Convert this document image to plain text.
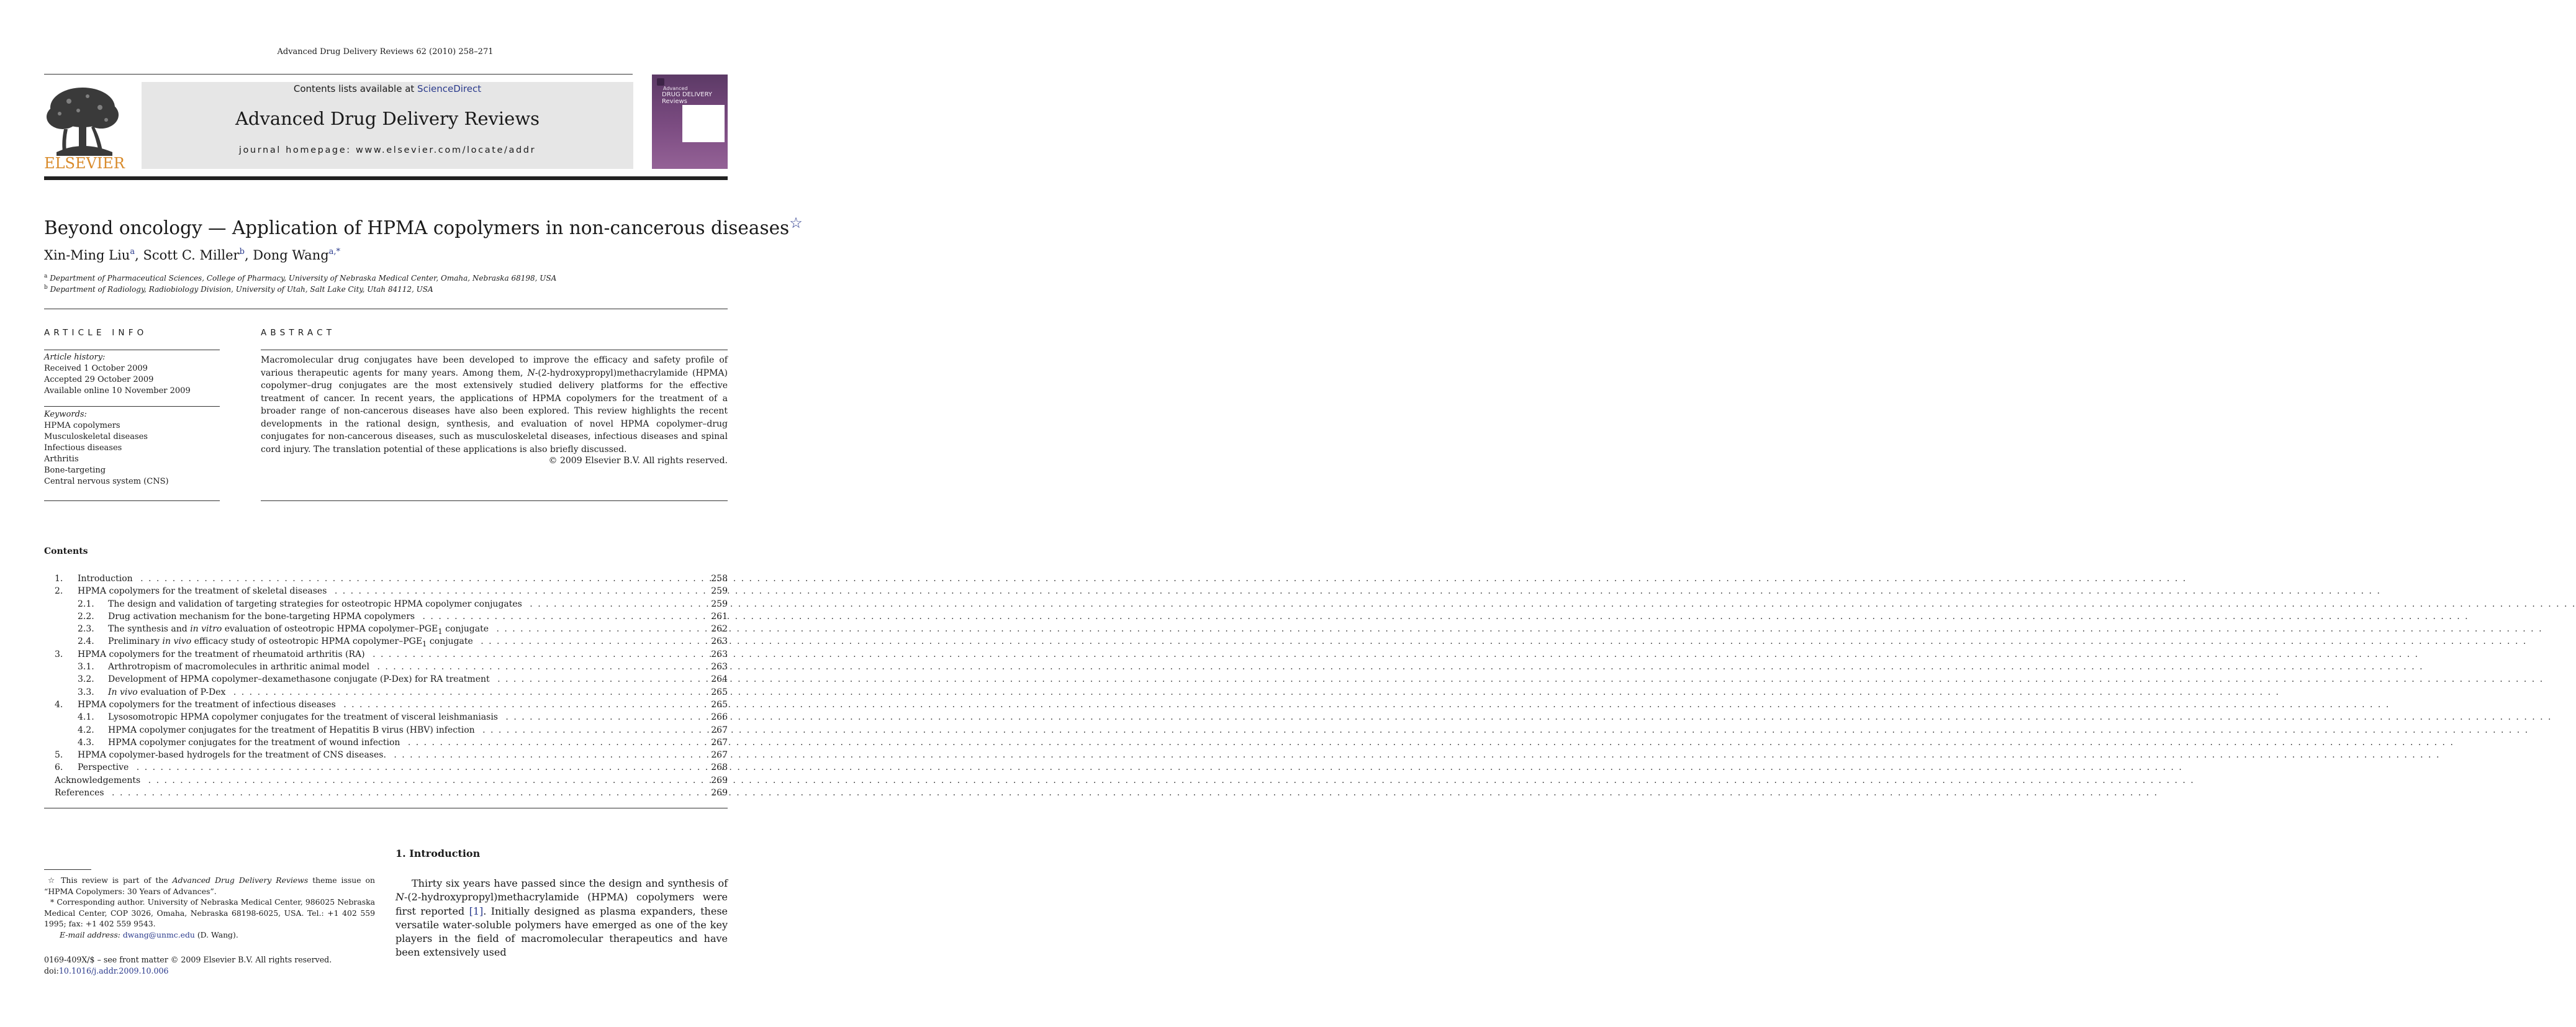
Advanced Drug Delivery Reviews 62 (2010) 258–271
ELSEVIER
Contents lists available at ScienceDirect
Advanced Drug Delivery Reviews
journal homepage: www.elsevier.com/locate/addr
Advanced
DRUG DELIVERY
Reviews
Beyond oncology — Application of HPMA copolymers in non-cancerous diseases☆
Xin-Ming Liu$^a$, Scott C. Miller$^b$, Dong Wang$^{a,*}$
$^a$ Department of Pharmaceutical Sciences, College of Pharmacy, University of Nebraska Medical Center, Omaha, Nebraska 68198, USA
$^b$ Department of Radiology, Radiobiology Division, University of Utah, Salt Lake City, Utah 84112, USA
ARTICLE INFO	ABSTRACT
Article history:
Received 1 October 2009
Accepted 29 October 2009
Available online 10 November 2009
Keywords:
HPMA copolymers
Musculoskeletal diseases
Infectious diseases
Arthritis
Bone-targeting
Central nervous system (CNS)
Macromolecular drug conjugates have been developed to improve the efficacy and safety profile of various therapeutic agents for many years. Among them, N-(2-hydroxypropyl)methacrylamide (HPMA) copolymer–drug conjugates are the most extensively studied delivery platforms for the effective treatment of cancer. In recent years, the applications of HPMA copolymers for the treatment of a broader range of non-cancerous diseases have also been explored. This review highlights the recent developments in the rational design, synthesis, and evaluation of novel HPMA copolymer–drug conjugates for non-cancerous diseases, such as musculoskeletal diseases, infectious diseases and spinal cord injury. The translation potential of these applications is also briefly discussed.
© 2009 Elsevier B.V. All rights reserved.
Contents
1. Introduction . . .	258
2. HPMA copolymers for the treatment of skeletal diseases . . .	259
2.1. The design and validation of targeting strategies for osteotropic HPMA copolymer conjugates . . .	259
2.2. Drug activation mechanism for the bone-targeting HPMA copolymers . . .	261
2.3. The synthesis and in vitro evaluation of osteotropic HPMA copolymer–$PGE_1$ conjugate . . .	262
2.4. Preliminary in vivo efficacy study of osteotropic HPMA copolymer–$PGE_1$ conjugate . . .	263
3. HPMA copolymers for the treatment of rheumatoid arthritis (RA) . . .	263
3.1. Arthrotropism of macromolecules in arthritic animal model . . .	263
3.2. Development of HPMA copolymer–dexamethasone conjugate (P-Dex) for RA treatment . . .	264
3.3. In vivo evaluation of P-Dex . . .	265
4. HPMA copolymers for the treatment of infectious diseases . . .	265
4.1. Lysosomotropic HPMA copolymer conjugates for the treatment of visceral leishmaniasis . . .	266
4.2. HPMA copolymer conjugates for the treatment of Hepatitis B virus (HBV) infection . . .	267
4.3. HPMA copolymer conjugates for the treatment of wound infection . . .	267
5. HPMA copolymer-based hydrogels for the treatment of CNS diseases. . . .	267
6. Perspective . . .	268
Acknowledgements . . .	269
References . . .	269
☆ This review is part of the Advanced Drug Delivery Reviews theme issue on “HPMA Copolymers: 30 Years of Advances”.
* Corresponding author. University of Nebraska Medical Center, 986025 Nebraska Medical Center, COP 3026, Omaha, Nebraska 68198-6025, USA. Tel.: +1 402 559 1995; fax: +1 402 559 9543.
E-mail address: dwang@unmc.edu (D. Wang).
0169-409X/$ – see front matter © 2009 Elsevier B.V. All rights reserved.
doi:10.1016/j.addr.2009.10.006
1. Introduction
Thirty six years have passed since the design and synthesis of N-(2-hydroxypropyl)methacrylamide (HPMA) copolymers were first reported [1]. Initially designed as plasma expanders, these versatile water-soluble polymers have emerged as one of the key players in the field of macromolecular therapeutics and have been extensively used
